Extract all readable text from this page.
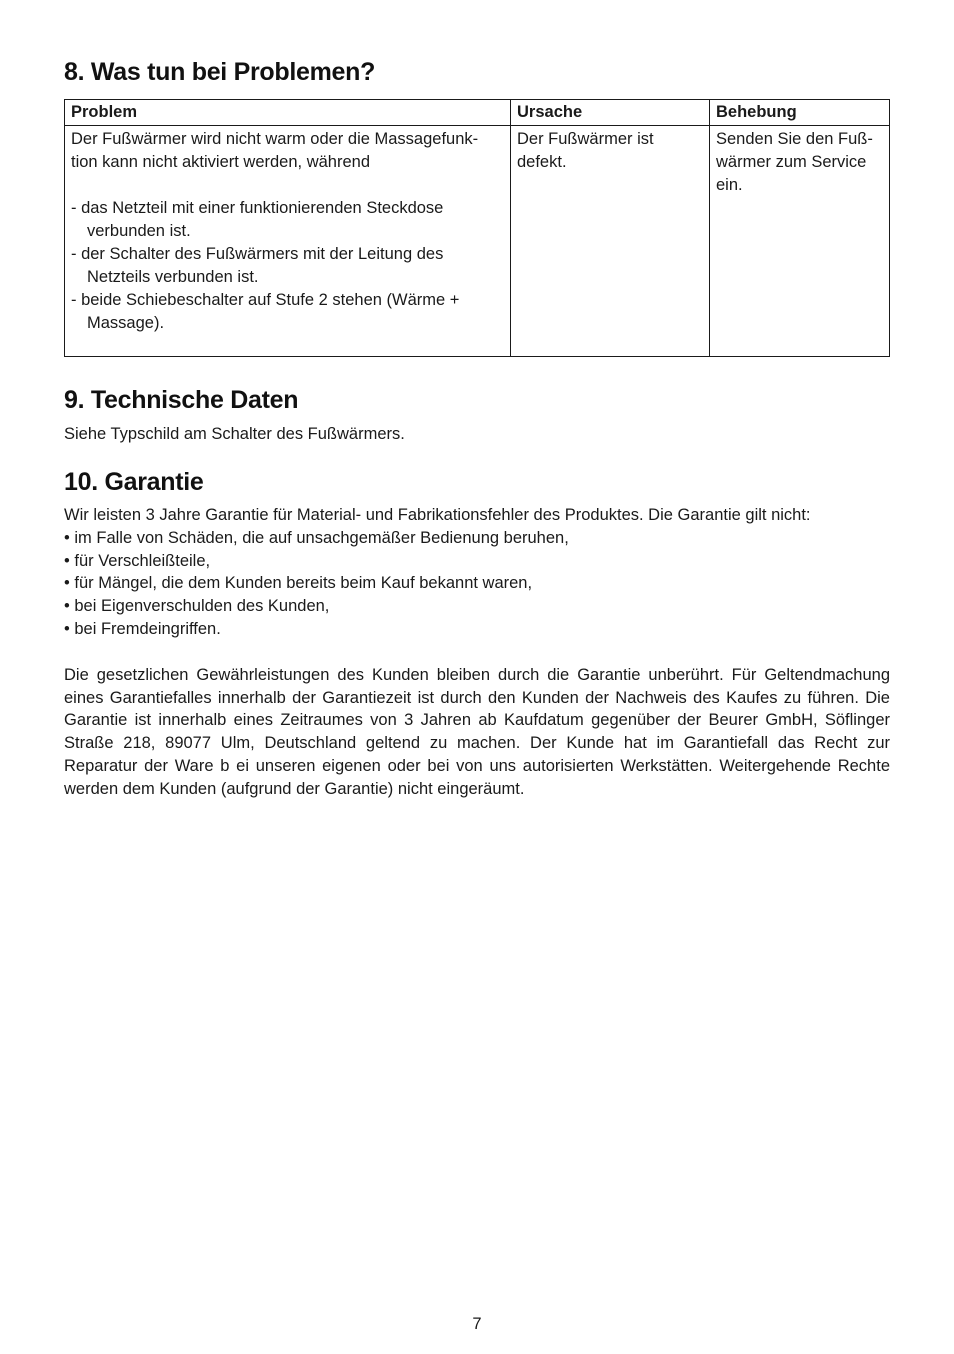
8. Was tun bei Problemen?
Problem	Ursache	Behebung

Der Fußwärmer wird nicht warm oder die Massagefunk-tion kann nicht aktiviert werden, während
- das Netzteil mit einer funktionierenden Steckdose verbunden ist.
- der Schalter des Fußwärmers mit der Leitung des Netzteils verbunden ist.
- beide Schiebeschalter auf Stufe 2 stehen (Wärme + Massage).	Der Fußwärmer ist defekt.	Senden Sie den Fuß-wärmer zum Service ein.
9. Technische Daten
Siehe Typschild am Schalter des Fußwärmers.
10. Garantie
Wir leisten 3 Jahre Garantie für Material- und Fabrikationsfehler des Produktes. Die Garantie gilt nicht:
• im Falle von Schäden, die auf unsachgemäßer Bedienung beruhen,
• für Verschleißteile,
• für Mängel, die dem Kunden bereits beim Kauf bekannt waren,
• bei Eigenverschulden des Kunden,
• bei Fremdeingriffen.
Die gesetzlichen Gewährleistungen des Kunden bleiben durch die Garantie unberührt. Für Geltendmachung eines Garantiefalles innerhalb der Garantiezeit ist durch den Kunden der Nachweis des Kaufes zu führen. Die Garantie ist innerhalb eines Zeitraumes von 3 Jahren ab Kaufdatum gegenüber der Beurer GmbH, Söflinger Straße 218, 89077 Ulm, Deutschland geltend zu machen. Der Kunde hat im Garantiefall das Recht zur Reparatur der Ware b ei unseren eigenen oder bei von uns autorisierten Werkstätten. Weitergehende Rechte werden dem Kunden (aufgrund der Garantie) nicht eingeräumt.
7
